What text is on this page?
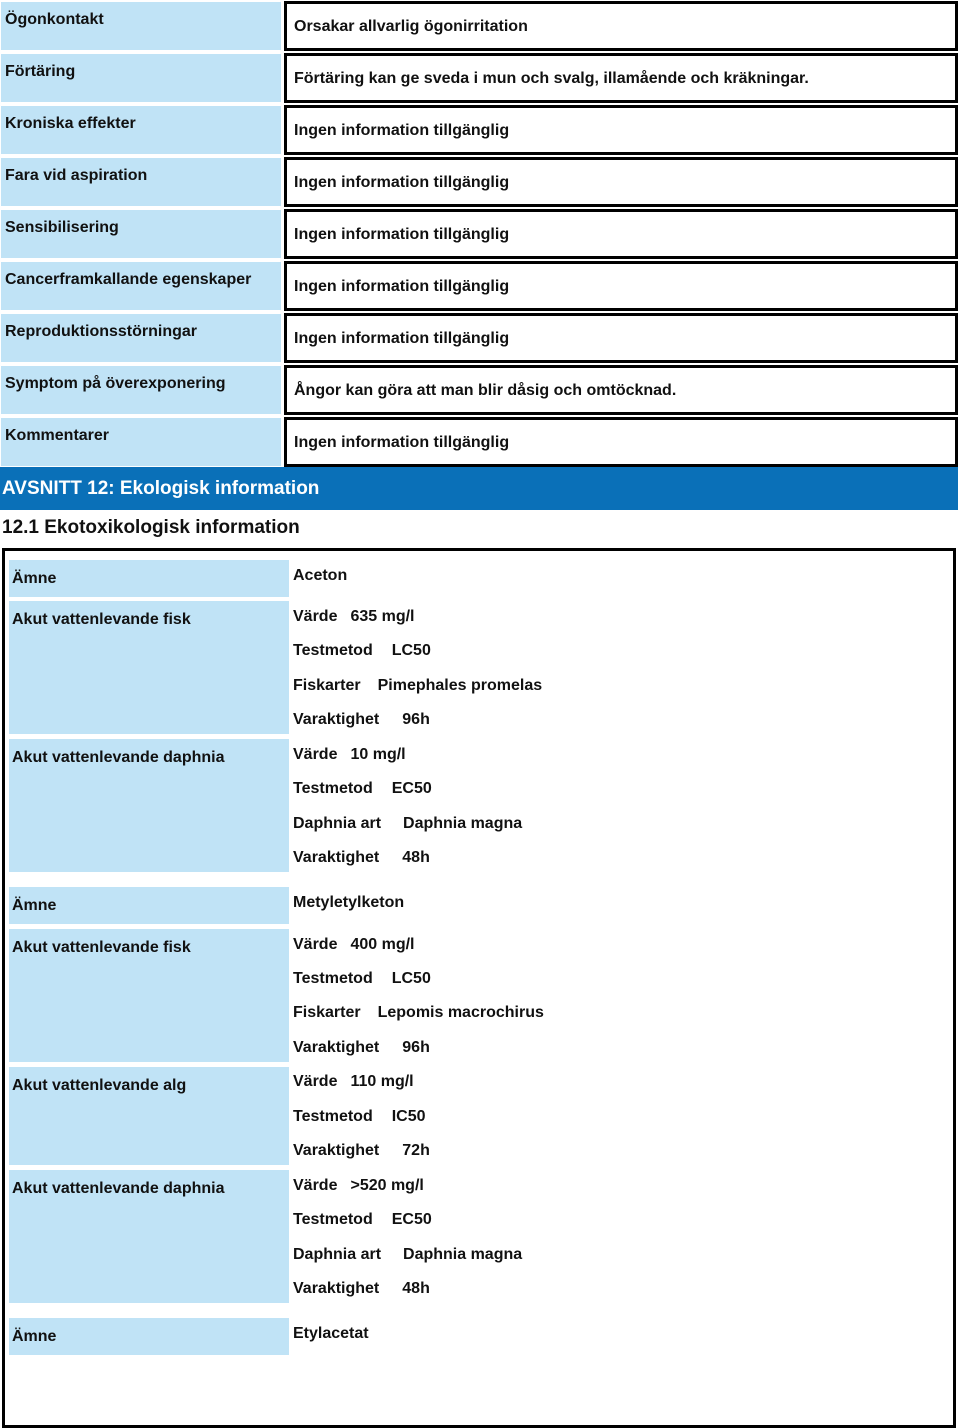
Ögonkontakt	Orsakar allvarlig ögonirritation
Förtäring	Förtäring kan ge sveda i mun och svalg, illamående och kräkningar.
Kroniska effekter	Ingen information tillgänglig
Fara vid aspiration	Ingen information tillgänglig
Sensibilisering	Ingen information tillgänglig
Cancerframkallande egenskaper	Ingen information tillgänglig
Reproduktionsstörningar	Ingen information tillgänglig
Symptom på överexponering	Ångor kan göra att man blir dåsig och omtöcknad.
Kommentarer	Ingen information tillgänglig
AVSNITT 12: Ekologisk information
12.1 Ekotoxikologisk information
Ämne	Aceton
Akut vattenlevande fisk	Värde 635 mg/l
Testmetod LC50
Fiskarter Pimephales promelas
Varaktighet 96h
Akut vattenlevande daphnia	Värde 10 mg/l
Testmetod EC50
Daphnia art Daphnia magna
Varaktighet 48h
Ämne	Metyletylketon
Akut vattenlevande fisk	Värde 400 mg/l
Testmetod LC50
Fiskarter Lepomis macrochirus
Varaktighet 96h
Akut vattenlevande alg	Värde 110 mg/l
Testmetod IC50
Varaktighet 72h
Akut vattenlevande daphnia	Värde >520 mg/l
Testmetod EC50
Daphnia art Daphnia magna
Varaktighet 48h
Ämne	Etylacetat
